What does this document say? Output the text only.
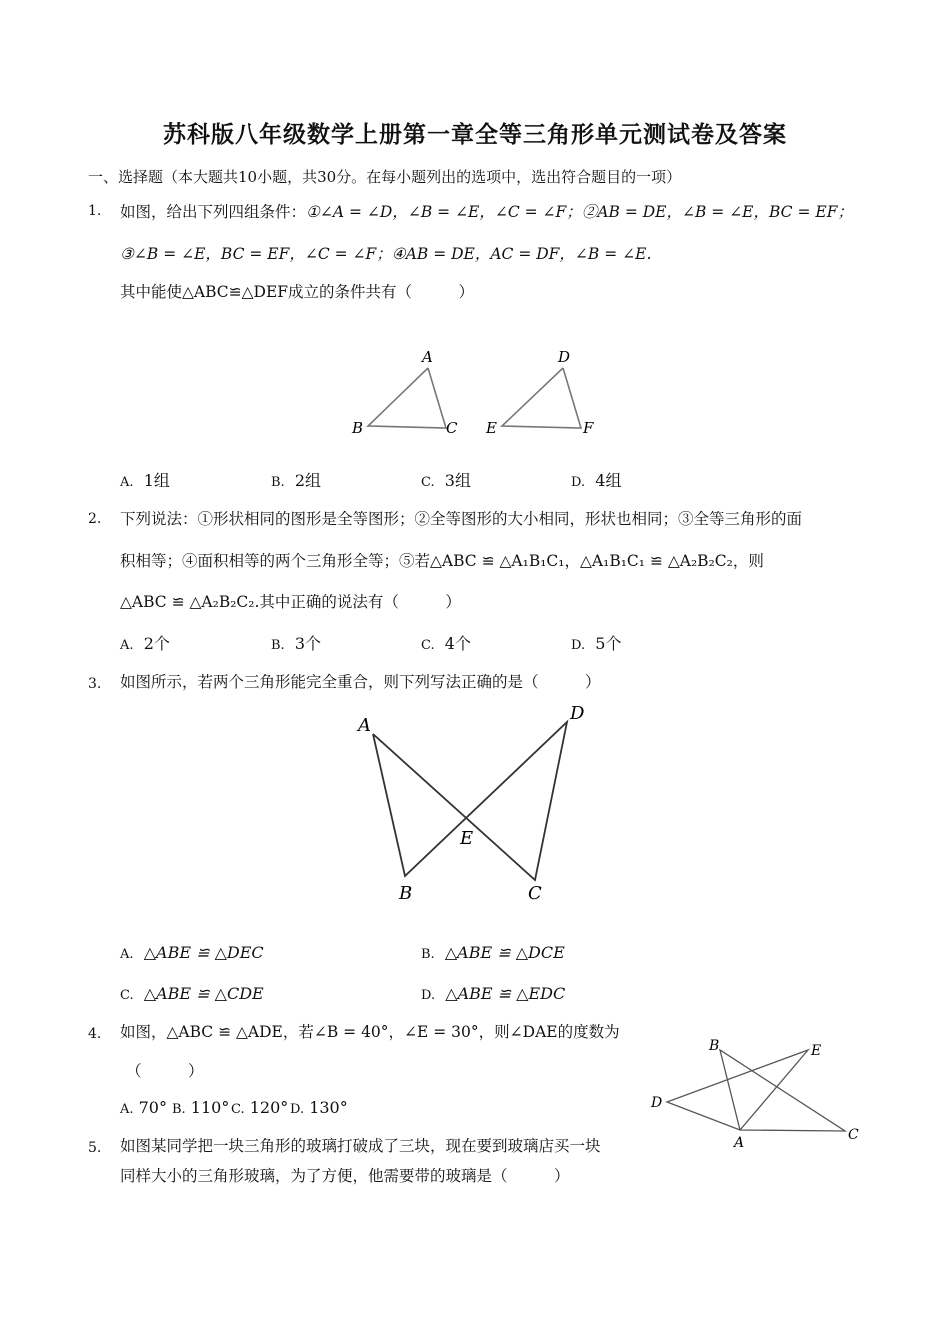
苏科版八年级数学上册第一章全等三角形单元测试卷及答案
一、选择题（本大题共10小题，共30分。在每小题列出的选项中，选出符合题目的一项）
1. 如图，给出下列四组条件：①∠A = ∠D，∠B = ∠E，∠C = ∠F；②AB = DE，∠B = ∠E，BC = EF；
③∠B = ∠E，BC = EF，∠C = ∠F；④AB = DE，AC = DF，∠B = ∠E.
其中能使△ABC≌△DEF成立的条件共有（　　　）
A
B	C
D
E	F
A. 1组	B. 2组	C. 3组	D. 4组
2. 下列说法：①形状相同的图形是全等图形；②全等图形的大小相同，形状也相同；③全等三角形的面
积相等；④面积相等的两个三角形全等；⑤若△ABC ≌ △A₁B₁C₁，△A₁B₁C₁ ≌ △A₂B₂C₂，则
△ABC ≌ △A₂B₂C₂.其中正确的说法有（　　　）
A. 2个	B. 3个	C. 4个	D. 5个
3. 如图所示，若两个三角形能完全重合，则下列写法正确的是（　　　）
A
B	C
D
E
A. △ABE ≌ △DEC	B. △ABE ≌ △DCE
C. △ABE ≌ △CDE	D. △ABE ≌ △EDC
4. 如图，△ABC ≌ △ADE，若∠B = 40°，∠E = 30°，则∠DAE的度数为
（　　　）
A. 70° B. 110° C. 120° D. 130°
B	E
D
A	C
5. 如图某同学把一块三角形的玻璃打破成了三块，现在要到玻璃店买一块
同样大小的三角形玻璃，为了方便，他需要带的玻璃是（　　　）
